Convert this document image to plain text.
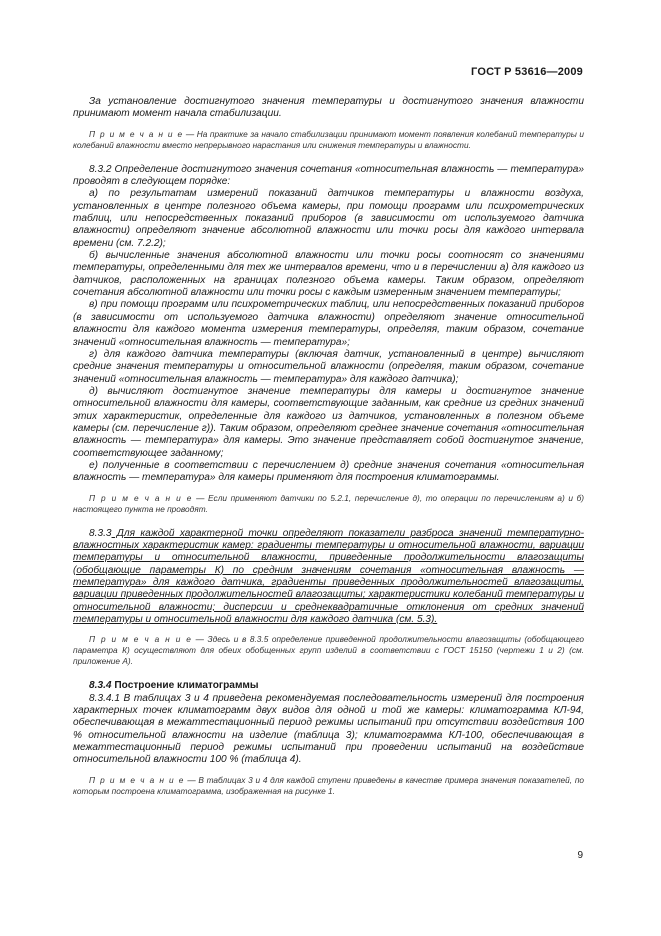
ГОСТ Р 53616—2009

За установление достигнутого значения температуры и достигнутого значения влажности принимают момент начала стабилизации.

П р и м е ч а н и е — На практике за начало стабилизации принимают момент появления колебаний температуры и колебаний влажности вместо непрерывного нарастания или снижения температуры и влажности.

8.3.2 Определение достигнутого значения сочетания «относительная влажность — температура» проводят в следующем порядке:

а) по результатам измерений показаний датчиков температуры и влажности воздуха, установленных в центре полезного объема камеры, при помощи программ или психрометрических таблиц, или непосредственных показаний приборов (в зависимости от используемого датчика влажности) определяют значение абсолютной влажности или точки росы для каждого интервала времени (см. 7.2.2);

б) вычисленные значения абсолютной влажности или точки росы соотносят со значениями температуры, определенными для тех же интервалов времени, что и в перечислении а) для каждого из датчиков, расположенных на границах полезного объема камеры. Таким образом, определяют сочетания абсолютной влажности или точки росы с каждым измеренным значением температуры;

в) при помощи программ или психрометрических таблиц, или непосредственных показаний приборов (в зависимости от используемого датчика влажности) определяют значение относительной влажности для каждого момента измерения температуры, определяя, таким образом, сочетание значений «относительная влажность — температура»;

г) для каждого датчика температуры (включая датчик, установленный в центре) вычисляют средние значения температуры и относительной влажности (определяя, таким образом, сочетание значений «относительная влажность — температура» для каждого датчика);

д) вычисляют достигнутое значение температуры для камеры и достигнутое значение относительной влажности для камеры, соответствующие заданным, как средние из средних значений этих характеристик, определенные для каждого из датчиков, установленных в полезном объеме камеры (см. перечисление г)). Таким образом, определяют среднее значение сочетания «относительная влажность — температура» для камеры. Это значение представляет собой достигнутое значение, соответствующее заданному;

е) полученные в соответствии с перечислением д) средние значения сочетания «относительная влажность — температура» для камеры применяют для построения климатограммы.

П р и м е ч а н и е — Если применяют датчики по 5.2.1, перечисление д), то операции по перечислениям а) и б) настоящего пункта не проводят.

8.3.3 Для каждой характерной точки определяют показатели разброса значений температурно-влажностных характеристик камер: градиенты температуры и относительной влажности, вариации температуры и относительной влажности, приведенные продолжительности влагозащиты (обобщающие параметры К) по средним значениям сочетания «относительная влажность — температура» для каждого датчика, градиенты приведенных продолжительностей влагозащиты, вариации приведенных продолжительностей влагозащиты; характеристики колебаний температуры и относительной влажности; дисперсии и среднеквадратичные отклонения от средних значений температуры и относительной влажности для каждого датчика (см. 5.3).

П р и м е ч а н и е — Здесь и в 8.3.5 определение приведенной продолжительности влагозащиты (обобщающего параметра К) осуществляют для обеих обобщенных групп изделий в соответствии с ГОСТ 15150 (чертежи 1 и 2) (см. приложение А).

8.3.4 Построение климатограммы

8.3.4.1 В таблицах 3 и 4 приведена рекомендуемая последовательность измерений для построения характерных точек климатограмм двух видов для одной и той же камеры: климатограмма КЛ-94, обеспечивающая в межаттестационный период режимы испытаний при отсутствии воздействия 100 % относительной влажности на изделие (таблица 3); климатограмма КЛ-100, обеспечивающая в межаттестационный период режимы испытаний при проведении испытаний на воздействие относительной влажности 100 % (таблица 4).

П р и м е ч а н и е — В таблицах 3 и 4 для каждой ступени приведены в качестве примера значения показателей, по которым построена климатограмма, изображенная на рисунке 1.

9
